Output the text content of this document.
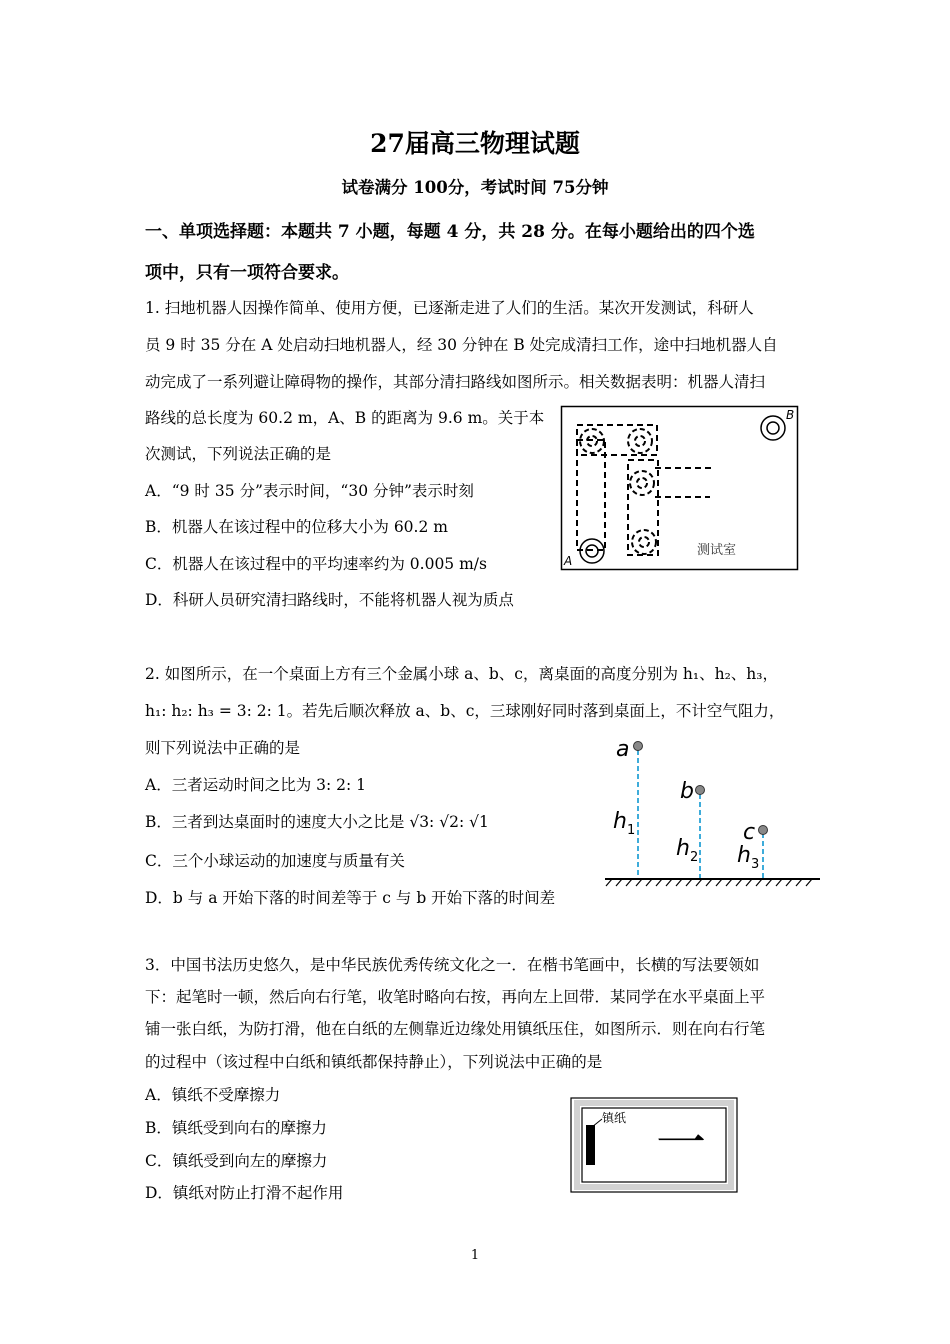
27届高三物理试题
试卷满分 100分，考试时间 75分钟
一、单项选择题：本题共 7 小题，每题 4 分，共 28 分。在每小题给出的四个选
项中，只有一项符合要求。
1. 扫地机器人因操作简单、使用方便，已逐渐走进了人们的生活。某次开发测试，科研人
员 9 时 35 分在 A 处启动扫地机器人，经 30 分钟在 B 处完成清扫工作，途中扫地机器人自
动完成了一系列避让障碍物的操作，其部分清扫路线如图所示。相关数据表明：机器人清扫
路线的总长度为 60.2 m，A、B 的距离为 9.6 m。关于本
次测试，下列说法正确的是
A．“9 时 35 分”表示时间，“30 分钟”表示时刻
B．机器人在该过程中的位移大小为 60.2 m
C．机器人在该过程中的平均速率约为 0.005 m/s
D．科研人员研究清扫路线时，不能将机器人视为质点
A
B
测试室
2. 如图所示，在一个桌面上方有三个金属小球 a、b、c，离桌面的高度分别为 h₁、h₂、h₃，
h₁: h₂: h₃ = 3: 2: 1。若先后顺次释放 a、b、c，三球刚好同时落到桌面上，不计空气阻力，
则下列说法中正确的是
A．三者运动时间之比为 3: 2: 1
B．三者到达桌面时的速度大小之比是 √3: √2: √1
C．三个小球运动的加速度与质量有关
D．b 与 a 开始下落的时间差等于 c 与 b 开始下落的时间差
a
b
c
h 1
h 2 h 3
3．中国书法历史悠久，是中华民族优秀传统文化之一．在楷书笔画中，长横的写法要领如
下：起笔时一顿，然后向右行笔，收笔时略向右按，再向左上回带．某同学在水平桌面上平
铺一张白纸，为防打滑，他在白纸的左侧靠近边缘处用镇纸压住，如图所示．则在向右行笔
的过程中（该过程中白纸和镇纸都保持静止），下列说法中正确的是
A．镇纸不受摩擦力
B．镇纸受到向右的摩擦力
C．镇纸受到向左的摩擦力
D．镇纸对防止打滑不起作用
镇纸 一
1
